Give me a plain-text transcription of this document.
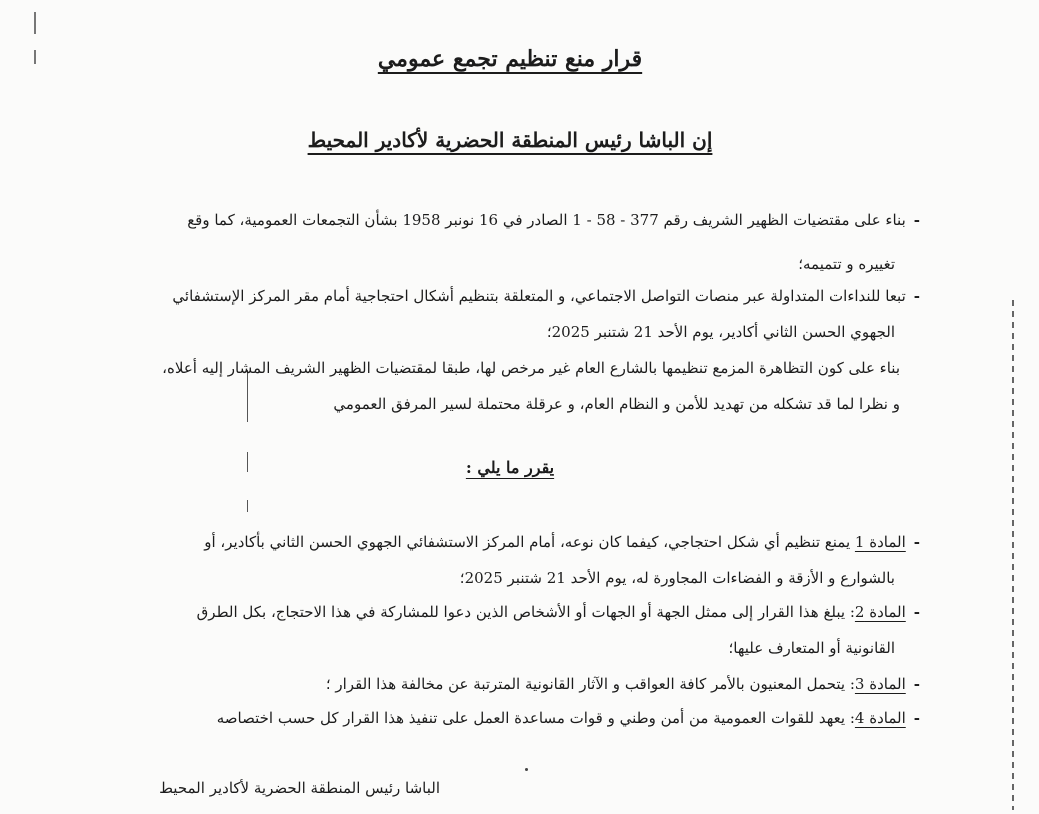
قرار منع تنظيم تجمع عمومي
إن الباشا رئيس المنطقة الحضرية لأكادير المحيط
-بناء على مقتضيات الظهير الشريف رقم 377 - 58 - 1 الصادر في 16 نونبر 1958 بشأن التجمعات العمومية، كما وقع
تغييره و تتميمه؛
-تبعا للنداءات المتداولة عبر منصات التواصل الاجتماعي، و المتعلقة بتنظيم أشكال احتجاجية أمام مقر المركز الإستشفائي
الجهوي الحسن الثاني أكادير، يوم الأحد 21 شتنبر 2025؛
بناء على كون التظاهرة المزمع تنظيمها بالشارع العام غير مرخص لها، طبقا لمقتضيات الظهير الشريف المشار إليه أعلاه،
و نظرا لما قد تشكله من تهديد للأمن و النظام العام، و عرقلة محتملة لسير المرفق العمومي
يقرر ما يلي :
-المادة 1 يمنع تنظيم أي شكل احتجاجي، كيفما كان نوعه، أمام المركز الاستشفائي الجهوي الحسن الثاني بأكادير، أو
بالشوارع و الأزقة و الفضاءات المجاورة له، يوم الأحد 21 شتنبر 2025؛
-المادة 2: يبلغ هذا القرار إلى ممثل الجهة أو الجهات أو الأشخاص الذين دعوا للمشاركة في هذا الاحتجاج، بكل الطرق
القانونية أو المتعارف عليها؛
-المادة 3: يتحمل المعنيون بالأمر كافة العواقب و الآثار القانونية المترتبة عن مخالفة هذا القرار ؛
-المادة 4: يعهد للقوات العمومية من أمن وطني و قوات مساعدة العمل على تنفيذ هذا القرار كل حسب اختصاصه
الباشا رئيس المنطقة الحضرية لأكادير المحيط
